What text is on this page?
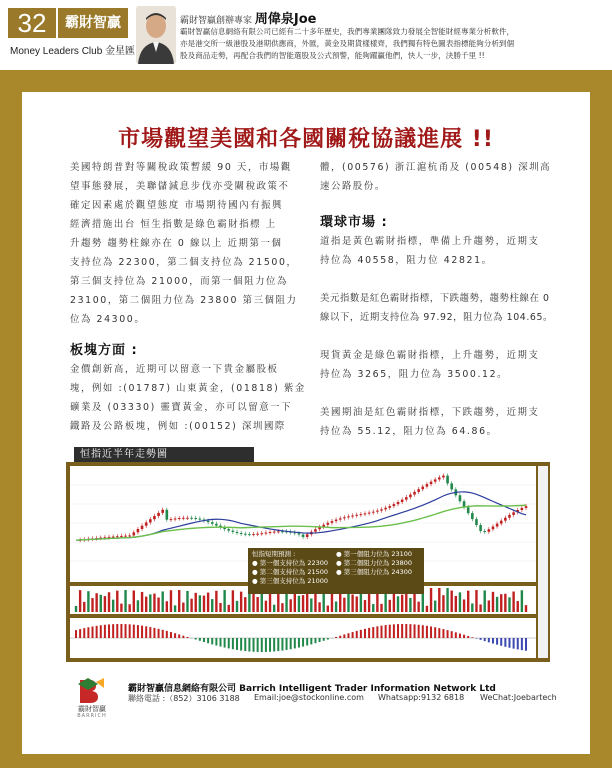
32	霸財智贏
Money Leaders Club 金星匯
霸財智贏創辦專家 周偉泉Joe
霸財智贏信息網絡有限公司已經有二十多年歷史，我們專業團隊致力發展全智能財經專業分析軟件，
亦是港交所一級港股及港期供應商，外匯，黃金及期貨樣樣齊，我們獨有特色圖表指標能夠分析到個
股及商品走勢，再配合我們的智能選股及公式預警，能夠躍贏他們，快人一步，決勝千里 !!
市場觀望美國和各國關稅協議進展 !!

美國特朗普對等關稅政策暫緩 90 天，市場觀

望事態發展，美聯儲減息步伐亦受關稅政策不

確定因素處於觀望態度 市場期待國內有振興

經濟措施出台 恒生指數是綠色霸財指標 上

升趨勢 趨勢柱線亦在 0 線以上 近期第一個

支持位為 22300，第二個支持位為 21500，

第三個支持位為 21000，而第一個阻力位為

23100，第二個阻力位為 23800 第三個阻力

位為 24300。

板塊方面 :

金價創新高，近期可以留意一下貴金屬股板

塊，例如 :(01787) 山東黃金，(01818) 紫金

礦業及 (03330) 靈寶黃金，亦可以留意一下

鐵路及公路板塊，例如 :(00152) 深圳國際

體，(00576) 浙江滬杭甬及 (00548) 深圳高

速公路股份。

環球市場 :

道指是黃色霸財指標，準備上升趨勢，近期支

持位為 40558，阻力位 42821。

美元指數是紅色霸財指標，下跌趨勢，趨勢柱線在 0

線以下，近期支持位為 97.92，阻力位為 104.65。

現貨黃金是綠色霸財指標，上升趨勢，近期支

持位為 3265，阻力位為 3500.12。

美國期油是紅色霸財指標，下跌趨勢，近期支

持位為 55.12，阻力位為 64.86。

恒指近半年走勢圖
恒指短期預測 :
● 第一個支持位為 22300
● 第二個支持位為 21500
● 第三個支持位為 21000
● 第一個阻力位為 23100
● 第二個阻力位為 23800
● 第三個阻力位為 24300
霸財智贏
BARRICH
霸財智贏信息網絡有限公司 Barrich Intelligent Trader Information Network Ltd
聯絡電話 :（852）3106 3188 Email:joe@stockonline.com Whatsapp:9132 6818 WeChat:Joebartech
